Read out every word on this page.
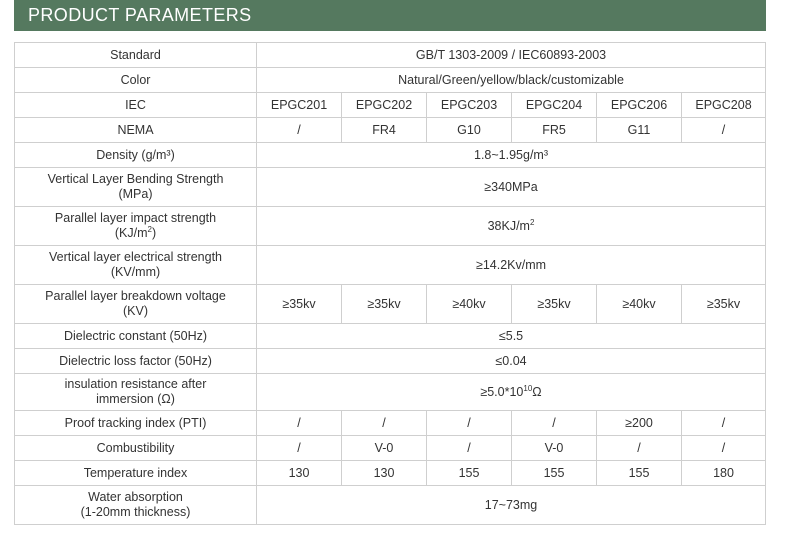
PRODUCT PARAMETERS
Standard	GB/T 1303-2009 / IEC60893-2003					
Color	Natural/Green/yellow/black/customizable					
IEC	EPGC201	EPGC202	EPGC203	EPGC204	EPGC206	EPGC208
NEMA	/	FR4	G10	FR5	G11	/
Density (g/m³)	1.8~1.95g/m³					
Vertical Layer Bending Strength
(MPa)	≥340MPa					
Parallel layer impact strength
$(KJ/m^2)$	$38KJ/m^2$
Vertical layer electrical strength
(KV/mm)	≥14.2Kv/mm					
Parallel layer breakdown voltage
(KV)	≥35kv	≥35kv	≥40kv	≥35kv	≥40kv	≥35kv
Dielectric constant (50Hz)	≤5.5					
Dielectric loss factor (50Hz)	≤0.04					
insulation resistance after
immersion (Ω)	$\ge 5.0*10^{10}\Omega$					
Proof tracking index (PTI)	/	/	/	/	≥200	/
Combustibility	/	V-0	/	V-0	/	/
Temperature index	130	130	155	155	155	180
Water absorption
(1-20mm thickness)	17~73mg					
